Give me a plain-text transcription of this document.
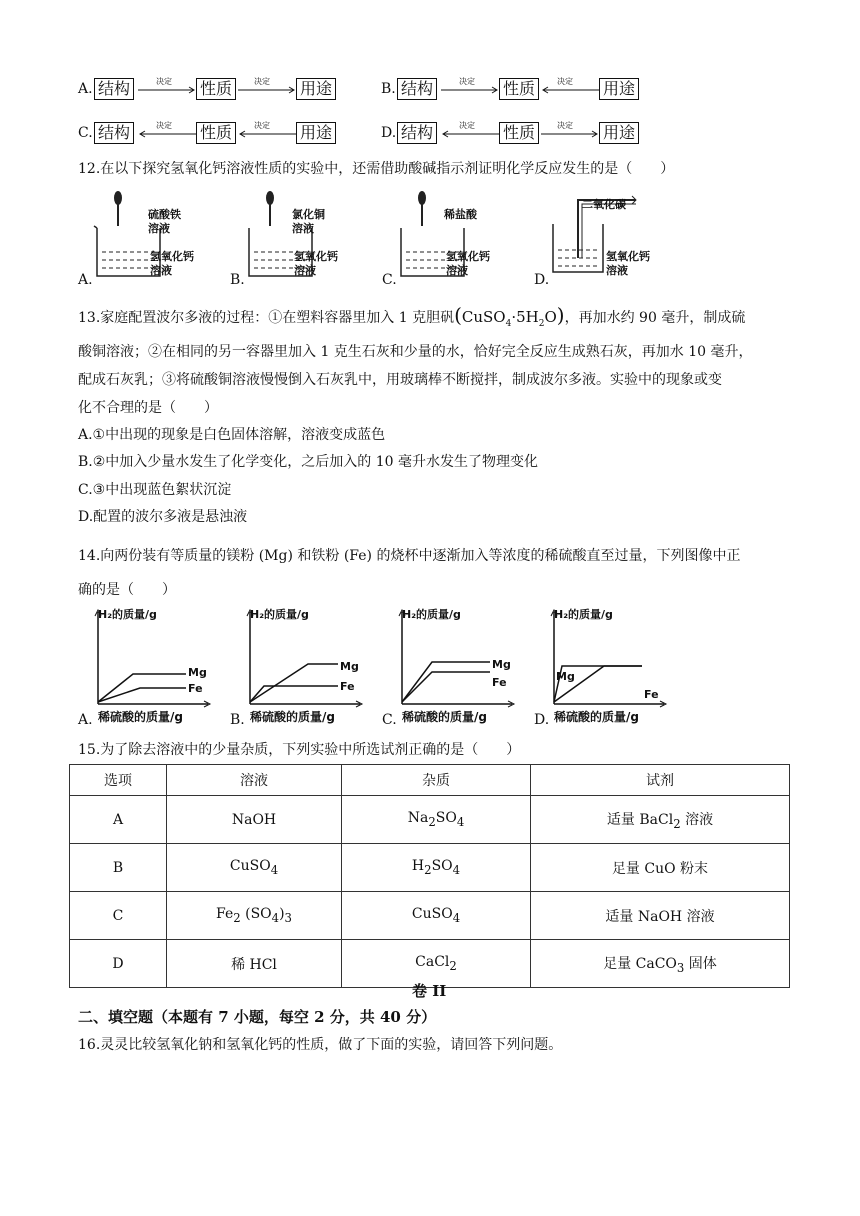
A. 结构	决定 性质	决定 用途	B. 结构	决定 性质	决定 用途
C. 结构	决定 性质	决定 用途	D. 结构	决定 性质	决定 用途
12.在以下探究氢氧化钙溶液性质的实验中，还需借助酸碱指示剂证明化学反应发生的是（　　）
硫酸铁
溶液
氢氧化钙
溶液
A.
氯化铜
溶液
氢氧化钙
溶液
B.
稀盐酸
氢氧化钙
溶液
C.
二氧化碳
氢氧化钙
溶液
D.
13.家庭配置波尔多液的过程：①在塑料容器里加入 1 克胆矾$(CuSO_4\cdot 5H_2O)$，再加水约 90 毫升，制成硫
酸铜溶液；②在相同的另一容器里加入 1 克生石灰和少量的水，恰好完全反应生成熟石灰，再加水 10 毫升，
配成石灰乳；③将硫酸铜溶液慢慢倒入石灰乳中，用玻璃棒不断搅拌，制成波尔多液。实验中的现象或变
化不合理的是（　　）
A.①中出现的现象是白色固体溶解，溶液变成蓝色
B.②中加入少量水发生了化学变化，之后加入的 10 毫升水发生了物理变化
C.③中出现蓝色絮状沉淀
D.配置的波尔多液是悬浊液
14.向两份装有等质量的镁粉 (Mg) 和铁粉 (Fe) 的烧杯中逐渐加入等浓度的稀硫酸直至过量，下列图像中正
确的是（　　）
H₂的质量/g
Mg
Fe
稀硫酸的质量/g
A.
H₂的质量/g
Mg
Fe
稀硫酸的质量/g
B.
H₂的质量/g
Mg
Fe
稀硫酸的质量/g
C.
H₂的质量/g
Mg
Fe
稀硫酸的质量/g
D.
15.为了除去溶液中的少量杂质，下列实验中所选试剂正确的是（　　）
选项	溶液	杂质	试剂
A	NaOH	$Na_2SO_4$	适量 BaCl$_2$ 溶液
B	CuSO$_4$	$H_2SO_4$	足量 CuO 粉末
C	$Fe_2$ $(SO_4)_3$	CuSO$_4$	适量 NaOH 溶液
D	稀 HCl	CaCl$_2$	足量 CaCO$_3$ 固体
卷 II
二、填空题（本题有 7 小题，每空 2 分，共 40 分）
16.灵灵比较氢氧化钠和氢氧化钙的性质，做了下面的实验，请回答下列问题。
